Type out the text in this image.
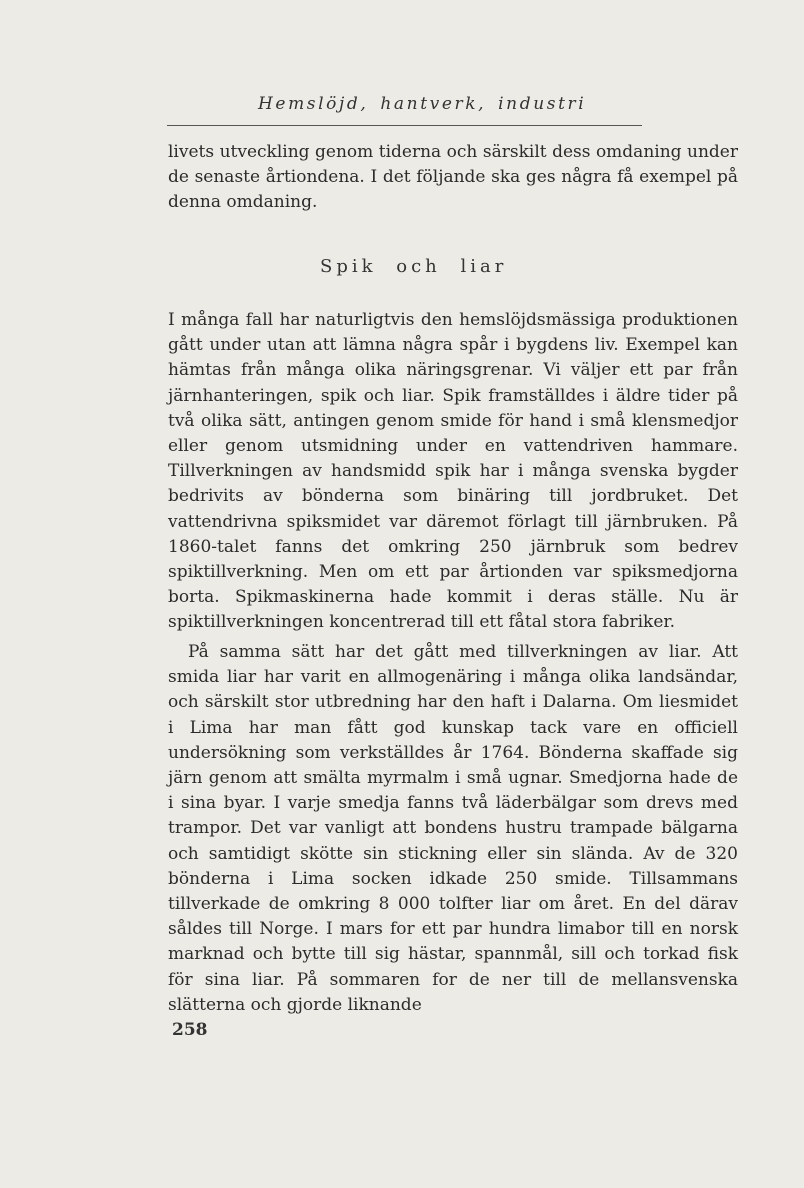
Hemslöjd, hantverk, industri

livets utveckling genom tiderna och särskilt dess omdaning under de senaste årtiondena. I det följande ska ges några få exempel på denna omdaning.

Spik och liar

I många fall har naturligtvis den hemslöjdsmässiga produktionen gått under utan att lämna några spår i bygdens liv. Exempel kan hämtas från många olika näringsgrenar. Vi väljer ett par från järnhanteringen, spik och liar. Spik framställdes i äldre tider på två olika sätt, antingen genom smide för hand i små klensmedjor eller genom utsmidning under en vattendriven hammare. Tillverkningen av handsmidd spik har i många svenska bygder bedrivits av bönderna som binäring till jordbruket. Det vattendrivna spiksmidet var däremot förlagt till järnbruken. På 1860-talet fanns det omkring 250 järnbruk som bedrev spiktillverkning. Men om ett par årtionden var spiksmedjorna borta. Spikmaskinerna hade kommit i deras ställe. Nu är spiktillverkningen koncentrerad till ett fåtal stora fabriker.

På samma sätt har det gått med tillverkningen av liar. Att smida liar har varit en allmogenäring i många olika landsändar, och särskilt stor utbredning har den haft i Dalarna. Om liesmidet i Lima har man fått god kunskap tack vare en officiell undersökning som verkställdes år 1764. Bönderna skaffade sig järn genom att smälta myrmalm i små ugnar. Smedjorna hade de i sina byar. I varje smedja fanns två läderbälgar som drevs med trampor. Det var vanligt att bondens hustru trampade bälgarna och samtidigt skötte sin stickning eller sin slända. Av de 320 bönderna i Lima socken idkade 250 smide. Tillsammans tillverkade de omkring 8 000 tolfter liar om året. En del därav såldes till Norge. I mars for ett par hundra limabor till en norsk marknad och bytte till sig hästar, spannmål, sill och torkad fisk för sina liar. På sommaren for de ner till de mellansvenska slätterna och gjorde liknande

258
